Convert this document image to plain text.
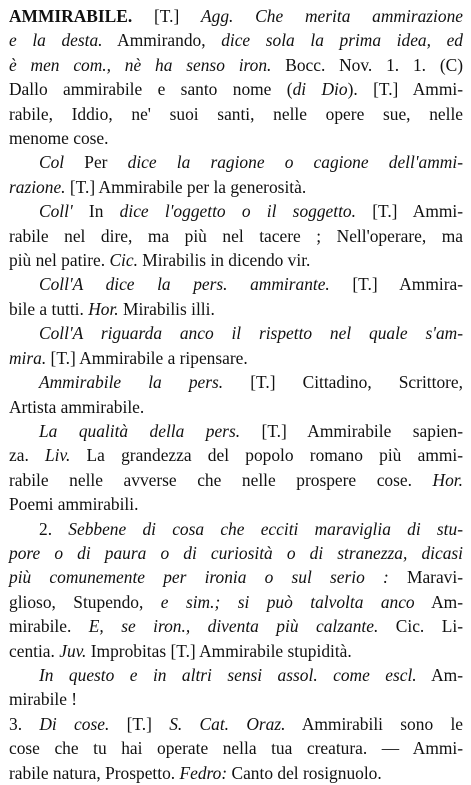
AMMIRABILE. [T.] Agg. Che merita ammirazione
e la desta. Ammirando, dice sola la prima idea, ed
è men com., nè ha senso iron. Bocc. Nov. 1. 1. (C)
Dallo ammirabile e santo nome (di Dio). [T.] Ammi-
rabile, Iddio, ne' suoi santi, nelle opere sue, nelle
menome cose.
Col Per dice la ragione o cagione dell'ammi-
razione. [T.] Ammirabile per la generosità.
Coll' In dice l'oggetto o il soggetto. [T.] Ammi-
rabile nel dire, ma più nel tacere ; Nell'operare, ma
più nel patire. Cic. Mirabilis in dicendo vir.
Coll'A dice la pers. ammirante. [T.] Ammira-
bile a tutti. Hor. Mirabilis illi.
Coll'A riguarda anco il rispetto nel quale s'am-
mira. [T.] Ammirabile a ripensare.
Ammirabile la pers. [T.] Cittadino, Scrittore,
Artista ammirabile.
La qualità della pers. [T.] Ammirabile sapien-
za. Liv. La grandezza del popolo romano più ammi-
rabile nelle avverse che nelle prospere cose. Hor.
Poemi ammirabili.
2. Sebbene di cosa che ecciti maraviglia di stu-
pore o di paura o di curiosità o di stranezza, dicasi
più comunemente per ironia o sul serio : Maravi-
glioso, Stupendo, e sim.; si può talvolta anco Am-
mirabile. E, se iron., diventa più calzante. Cic. Li-
centia. Juv. Improbitas [T.] Ammirabile stupidità.
In questo e in altri sensi assol. come escl. Am-
mirabile !
3. Di cose. [T.] S. Cat. Oraz. Ammirabili sono le
cose che tu hai operate nella tua creatura. — Ammi-
rabile natura, Prospetto. Fedro: Canto del rosignuolo.
